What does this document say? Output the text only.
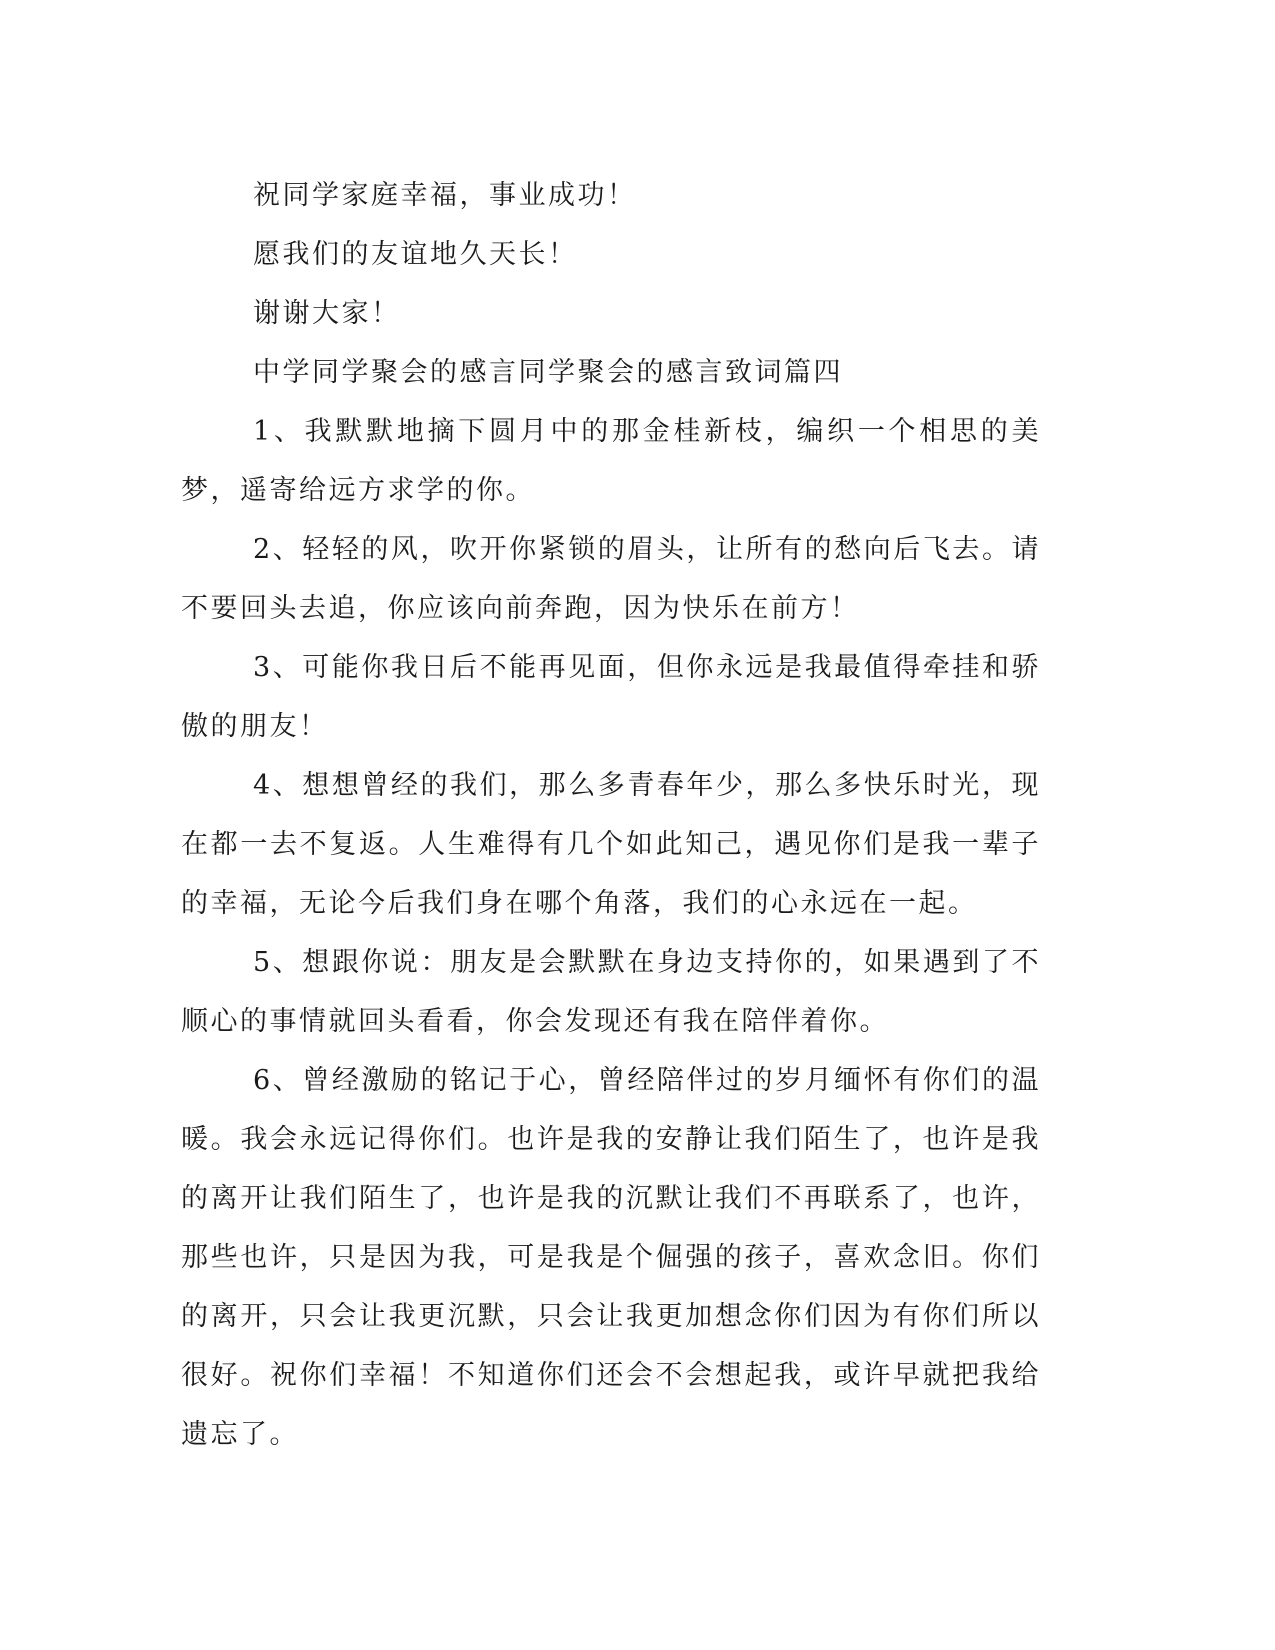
祝同学家庭幸福，事业成功！

愿我们的友谊地久天长！

谢谢大家！

中学同学聚会的感言同学聚会的感言致词篇四

1、我默默地摘下圆月中的那金桂新枝，编织一个相思的美梦，遥寄给远方求学的你。

2、轻轻的风，吹开你紧锁的眉头，让所有的愁向后飞去。请不要回头去追，你应该向前奔跑，因为快乐在前方！

3、可能你我日后不能再见面，但你永远是我最值得牵挂和骄傲的朋友！

4、想想曾经的我们，那么多青春年少，那么多快乐时光，现在都一去不复返。人生难得有几个如此知己，遇见你们是我一辈子的幸福，无论今后我们身在哪个角落，我们的心永远在一起。

5、想跟你说：朋友是会默默在身边支持你的，如果遇到了不顺心的事情就回头看看，你会发现还有我在陪伴着你。

6、曾经激励的铭记于心，曾经陪伴过的岁月缅怀有你们的温暖。我会永远记得你们。也许是我的安静让我们陌生了，也许是我的离开让我们陌生了，也许是我的沉默让我们不再联系了，也许，那些也许，只是因为我，可是我是个倔强的孩子，喜欢念旧。你们的离开，只会让我更沉默，只会让我更加想念你们因为有你们所以很好。祝你们幸福！不知道你们还会不会想起我，或许早就把我给遗忘了。
